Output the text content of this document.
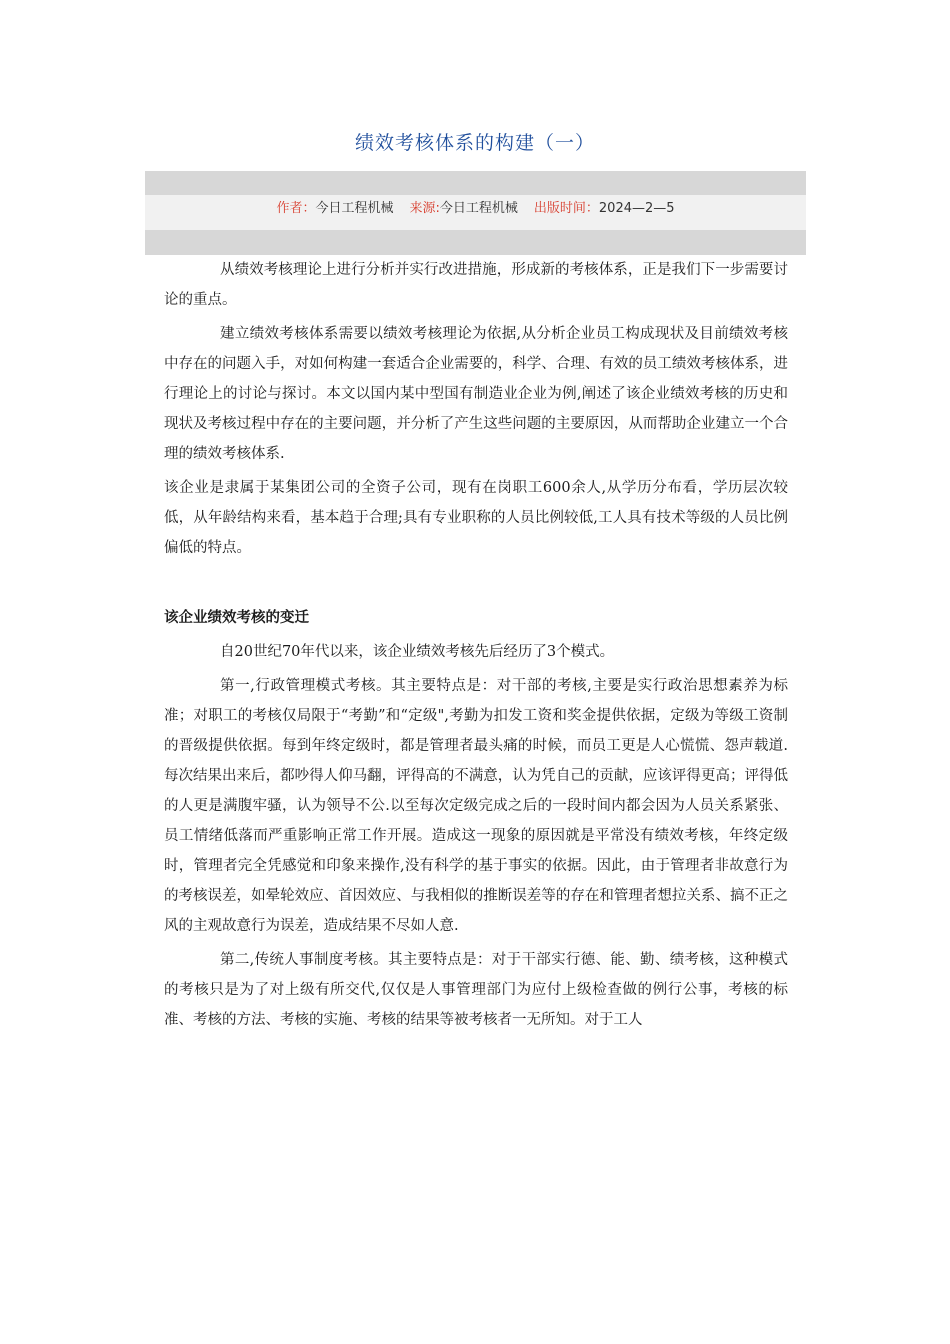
绩效考核体系的构建（一）
作者：今日工程机械 来源:今日工程机械 出版时间：2024—2—5

从绩效考核理论上进行分析并实行改进措施，形成新的考核体系，正是我们下一步需要讨论的重点。

建立绩效考核体系需要以绩效考核理论为依据,从分析企业员工构成现状及目前绩效考核中存在的问题入手，对如何构建一套适合企业需要的，科学、合理、有效的员工绩效考核体系，进行理论上的讨论与探讨。本文以国内某中型国有制造业企业为例,阐述了该企业绩效考核的历史和现状及考核过程中存在的主要问题，并分析了产生这些问题的主要原因，从而帮助企业建立一个合理的绩效考核体系.

该企业是隶属于某集团公司的全资子公司，现有在岗职工600余人,从学历分布看，学历层次较低，从年龄结构来看，基本趋于合理;具有专业职称的人员比例较低,工人具有技术等级的人员比例偏低的特点。

该企业绩效考核的变迁

自20世纪70年代以来，该企业绩效考核先后经历了3个模式。

第一,行政管理模式考核。其主要特点是：对干部的考核,主要是实行政治思想素养为标准；对职工的考核仅局限于“考勤”和“定级",考勤为扣发工资和奖金提供依据，定级为等级工资制的晋级提供依据。每到年终定级时，都是管理者最头痛的时候，而员工更是人心慌慌、怨声载道.每次结果出来后，都吵得人仰马翻，评得高的不满意，认为凭自己的贡献，应该评得更高；评得低的人更是满腹牢骚，认为领导不公.以至每次定级完成之后的一段时间内都会因为人员关系紧张、员工情绪低落而严重影响正常工作开展。造成这一现象的原因就是平常没有绩效考核，年终定级时，管理者完全凭感觉和印象来操作,没有科学的基于事实的依据。因此，由于管理者非故意行为的考核误差，如晕轮效应、首因效应、与我相似的推断误差等的存在和管理者想拉关系、搞不正之风的主观故意行为误差，造成结果不尽如人意.

第二,传统人事制度考核。其主要特点是：对于干部实行德、能、勤、绩考核，这种模式的考核只是为了对上级有所交代,仅仅是人事管理部门为应付上级检查做的例行公事，考核的标准、考核的方法、考核的实施、考核的结果等被考核者一无所知。对于工人
